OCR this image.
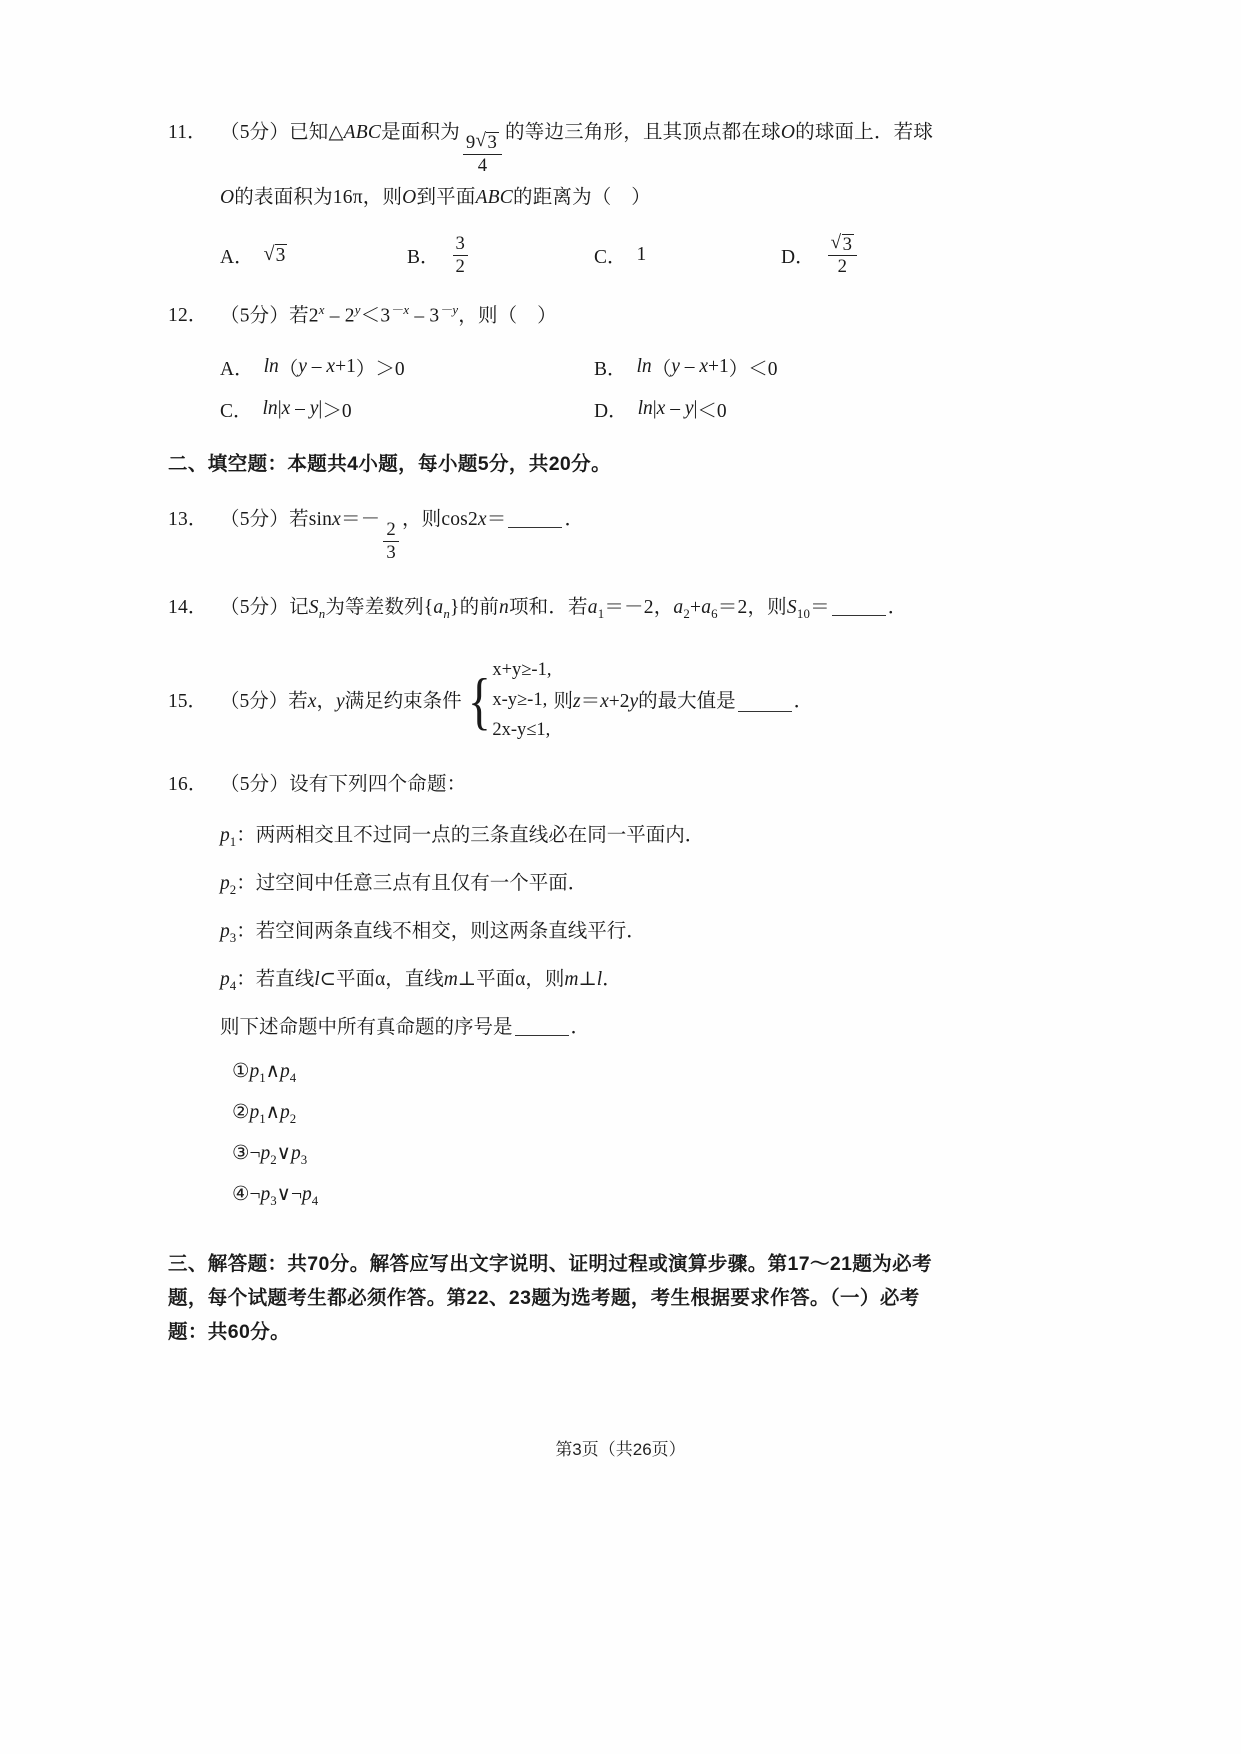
11． （5分）已知△ABC是面积为 $\frac{9 √ 3}{4}$ 的等边三角形，且其顶点都在球O的球面上．若球
O的表面积为16π，则O到平面ABC的距离为（　）
A．	√ 3	B． $\frac{3}{2}$	C． 1	D． √ $\frac{3}{2}$
12． （5分）若$2^x - 2^y<3^{-x} - 3^{-y}$，则（　）
A． ln （ y – x +1 ） ＞0	B． ln （ y – x +1 ） ＜0
C． ln | x – y | ＞0	D． ln | x – y | ＜0
二、填空题：本题共4小题，每小题5分，共20分。
13． （5分）若sinx＝－
$\frac{2}{3}$
，则cos2x＝	．
14． （5分）记$S_n$为等差数列$\{a_n\}$的前n项和．若$a_1=-2$，$a_2+a_6=2$，则$S_{10}=$	．
15． （5分） 若 x ， y 满足约束条件 { x+y≥-1,
x-y≥-1,
2x-y≤1,
则 z ＝ x +2 y 的最大值是	．
16． （5分）设有下列四个命题：
$p_1$：两两相交且不过同一点的三条直线必在同一平面内．
$p_2$：过空间中任意三点有且仅有一个平面．
$p_3$：若空间两条直线不相交，则这两条直线平行．
$p_4$：若直线l⊂平面α，直线m⊥平面α，则m⊥l．
则下述命题中所有真命题的序号是	．
$①p_1\wedge p_4$
$②p_1\wedge p_2$
$③\neg p_2\vee p_3$
$④\neg p_3\vee\neg p_4$
三、解答题：共70分。解答应写出文字说明、证明过程或演算步骤。第17～21题为必考
题，每个试题考生都必须作答。第22、23题为选考题，考生根据要求作答。（一）必考
题：共60分。
第3页（共26页）
